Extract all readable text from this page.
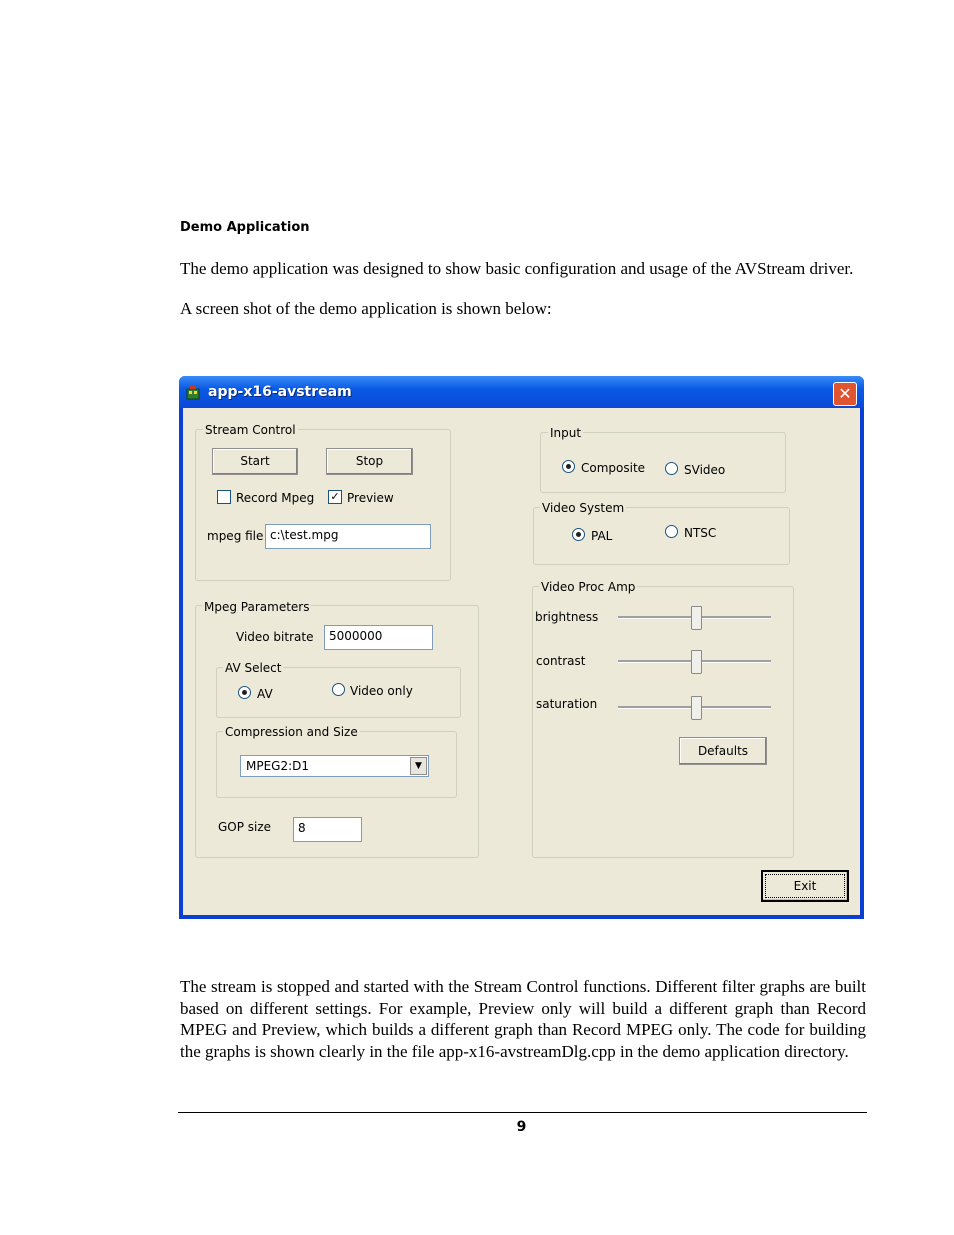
Demo Application
The demo application was designed to show basic configuration and usage of the AVStream driver.
A screen shot of the demo application is shown below:
app-x16-avstream	✕
Stream Control
Start	Stop
Record Mpeg ✓ Preview
mpeg file c:\test.mpg
Mpeg Parameters
Video bitrate	5000000
AV Select
AV	Video only
Compression and Size
MPEG2:D1	▼
GOP size	8
Input
Composite	SVideo
Video System
PAL	NTSC
Video Proc Amp
brightness
contrast
saturation
Defaults
Exit
The stream is stopped and started with the Stream Control functions. Different filter graphs are built based on different settings. For example, Preview only will build a different graph than Record MPEG and Preview, which builds a different graph than Record MPEG only. The code for building the graphs is shown clearly in the file app-x16-avstreamDlg.cpp in the demo application directory.
9
